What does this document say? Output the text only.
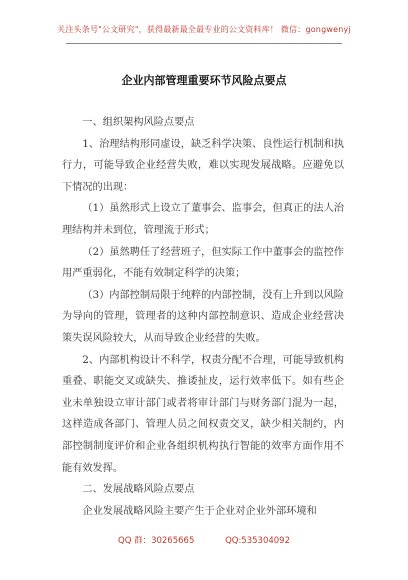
关注头条号"公文研究"，获得最新最全最专业的公文资料库！ 微信：gongwenyj
企业内部管理重要环节风险点要点

一、组织架构风险点要点

1、治理结构形同虚设，缺乏科学决策、良性运行机制和执行力，可能导致企业经营失败，难以实现发展战略。应避免以下情况的出现：

（1）虽然形式上设立了董事会、监事会，但真正的法人治理结构并未到位，管理流于形式；

（2）虽然聘任了经营班子，但实际工作中董事会的监控作用严重弱化，不能有效制定科学的决策；

（3）内部控制局限于纯粹的内部控制，没有上升到以风险为导向的管理，管理者的这种内部控制意识、造成企业经营决策失误风险较大，从而导致企业经营的失败。

2、内部机构设计不科学，权责分配不合理，可能导致机构重叠、职能交叉或缺失、推诿扯皮，运行效率低下。如有些企业未单独设立审计部门或者将审计部门与财务部门混为一起，这样造成各部门、管理人员之间权责交叉，缺少相关制约，内部控制制度评价和企业各组织机构执行智能的效率方面作用不能有效发挥。

二、发展战略风险点要点

企业发展战略风险主要产生于企业对企业外部环境和

QQ 群：30265665	QQ:535304092
